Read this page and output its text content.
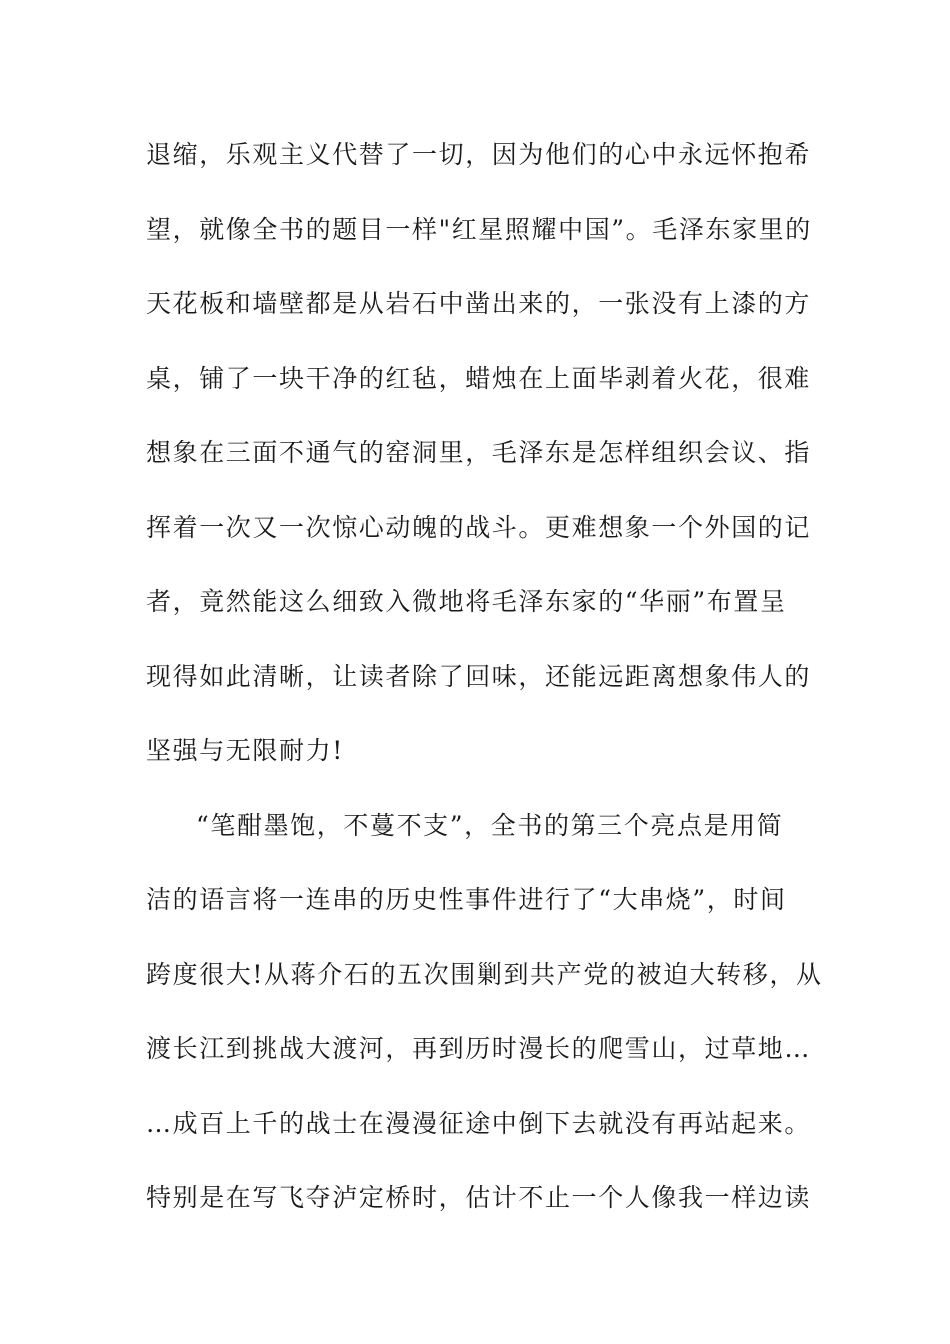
退缩，乐观主义代替了一切，因为他们的心中永远怀抱希
望，就像全书的题目一样"红星照耀中国”。毛泽东家里的
天花板和墙壁都是从岩石中凿出来的，一张没有上漆的方
桌，铺了一块干净的红毡，蜡烛在上面毕剥着火花，很难
想象在三面不通气的窑洞里，毛泽东是怎样组织会议、指
挥着一次又一次惊心动魄的战斗。更难想象一个外国的记
者，竟然能这么细致入微地将毛泽东家的“华丽”布置呈
现得如此清晰，让读者除了回味，还能远距离想象伟人的
坚强与无限耐力!
“笔酣墨饱，不蔓不支”，全书的第三个亮点是用简
洁的语言将一连串的历史性事件进行了“大串烧”，时间
跨度很大!从蒋介石的五次围剿到共产党的被迫大转移，从
渡长江到挑战大渡河，再到历时漫长的爬雪山，过草地…
…成百上千的战士在漫漫征途中倒下去就没有再站起来。
特别是在写飞夺泸定桥时，估计不止一个人像我一样边读
